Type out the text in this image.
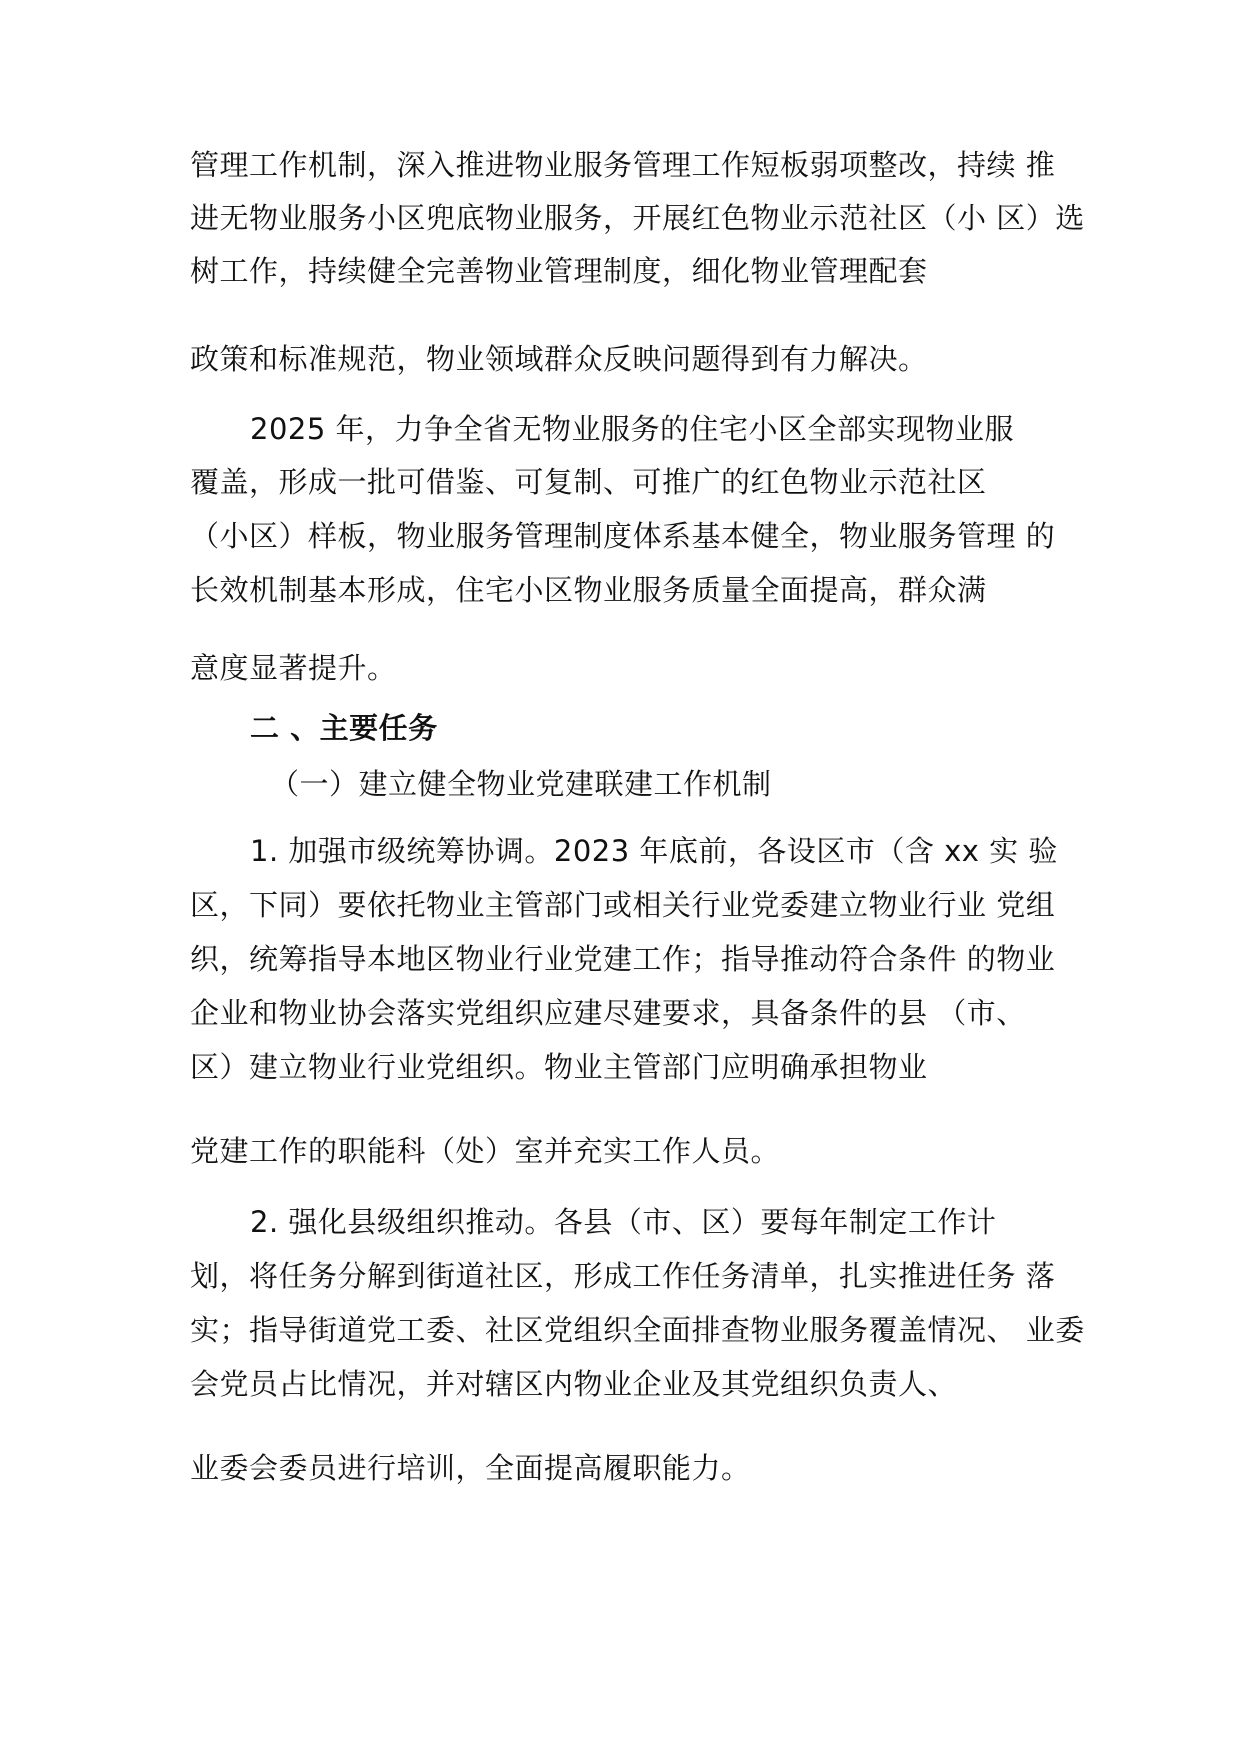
管理工作机制，深入推进物业服务管理工作短板弱项整改，持续 推
进无物业服务小区兜底物业服务，开展红色物业示范社区（小 区）选
树工作，持续健全完善物业管理制度，细化物业管理配套
政策和标准规范，物业领域群众反映问题得到有力解决。
2025 年，力争全省无物业服务的住宅小区全部实现物业服
覆盖，形成一批可借鉴、可复制、可推广的红色物业示范社区
（小区）样板，物业服务管理制度体系基本健全，物业服务管理 的
长效机制基本形成，住宅小区物业服务质量全面提高，群众满
意度显著提升。
二 、主要任务
（一）建立健全物业党建联建工作机制
1. 加强市级统筹协调。2023 年底前，各设区市（含 xx 实 验
区，下同）要依托物业主管部门或相关行业党委建立物业行业 党组
织，统筹指导本地区物业行业党建工作；指导推动符合条件 的物业
企业和物业协会落实党组织应建尽建要求，具备条件的县 （市、
区）建立物业行业党组织。物业主管部门应明确承担物业
党建工作的职能科（处）室并充实工作人员。
2. 强化县级组织推动。各县（市、区）要每年制定工作计
划，将任务分解到街道社区，形成工作任务清单，扎实推进任务 落
实；指导街道党工委、社区党组织全面排查物业服务覆盖情况、 业委
会党员占比情况，并对辖区内物业企业及其党组织负责人、
业委会委员进行培训，全面提高履职能力。
